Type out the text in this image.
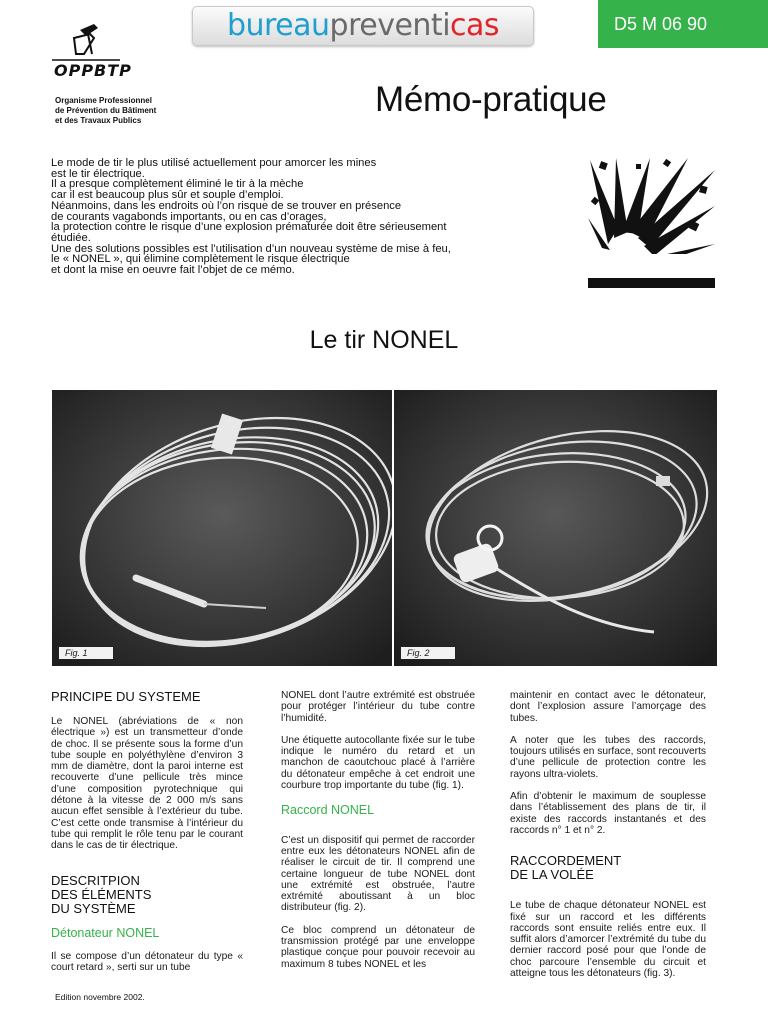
bureaupreventicas	D5 M 06 90
OPPBTP
Organisme Professionnel
de Prévention du Bâtiment
et des Travaux Publics
Mémo-pratique

Le mode de tir le plus utilisé actuellement pour amorcer les mines

est le tir électrique.

Il a presque complètement éliminé le tir à la mèche

car il est beaucoup plus sûr et souple d’emploi.

Néanmoins, dans les endroits où l’on risque de se trouver en présence

de courants vagabonds importants, ou en cas d’orages,

la protection contre le risque d’une explosion prématurée doit être sérieusement

étudiée.

Une des solutions possibles est l’utilisation d’un nouveau système de mise à feu,

le « NONEL », qui élimine complètement le risque électrique

et dont la mise en oeuvre fait l’objet de ce mémo.

Le tir NONEL
Fig. 1	Fig. 2
PRINCIPE DU SYSTEME

Le NONEL (abréviations de « non électrique ») est un transmetteur d’onde de choc. Il se présente sous la forme d’un tube souple en polyéthylène d’environ 3 mm de diamètre, dont la paroi interne est recouverte d’une pellicule très mince d’une composition pyrotechnique qui détone à la vitesse de 2 000 m/s sans aucun effet sensible à l’extérieur du tube. C’est cette onde transmise à l’intérieur du tube qui remplit le rôle tenu par le courant dans le cas de tir électrique.

DESCRITPION
DES ÉLÉMENTS
DU SYSTÈME
Détonateur NONEL

Il se compose d’un détonateur du type « court retard », serti sur un tube

NONEL dont l’autre extrémité est obstruée pour protéger l’intérieur du tube contre l’humidité.

Une étiquette autocollante fixée sur le tube indique le numéro du retard et un manchon de caoutchouc placé à l’arrière du détonateur empêche à cet endroit une courbure trop importante du tube (fig. 1).

Raccord NONEL

C’est un dispositif qui permet de raccorder entre eux les détonateurs NONEL afin de réaliser le circuit de tir. Il comprend une certaine longueur de tube NONEL dont une extrémité est obstruée, l’autre extrémité aboutissant à un bloc distributeur (fig. 2).

Ce bloc comprend un détonateur de transmission protégé par une enveloppe plastique conçue pour pouvoir recevoir au maximum 8 tubes NONEL et les

maintenir en contact avec le détonateur, dont l’explosion assure l’amorçage des tubes.

A noter que les tubes des raccords, toujours utilisés en surface, sont recouverts d’une pellicule de protection contre les rayons ultra-violets.

Afin d’obtenir le maximum de souplesse dans l’établissement des plans de tir, il existe des raccords instantanés et des raccords n° 1 et n° 2.

RACCORDEMENT
DE LA VOLÉE

Le tube de chaque détonateur NONEL est fixé sur un raccord et les différents raccords sont ensuite reliés entre eux. Il suffit alors d’amorcer l’extrémité du tube du dernier raccord posé pour que l’onde de choc parcoure l’ensemble du circuit et atteigne tous les détonateurs (fig. 3).

Edition novembre 2002.
